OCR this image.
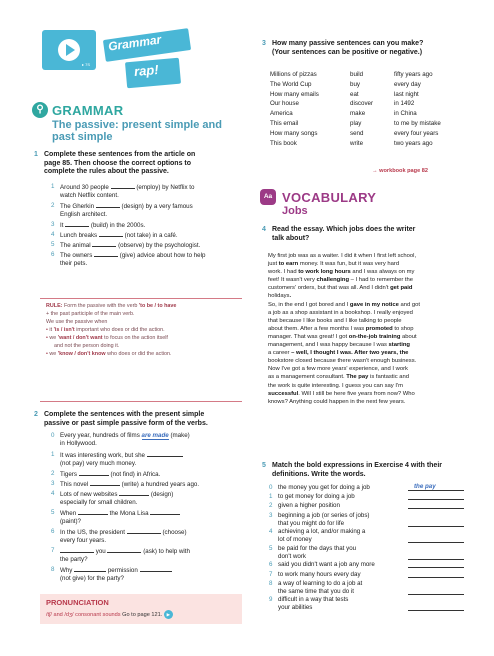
▸ 7S
Grammar
rap!
⚲ GRAMMAR
The passive: present simple and
past simple
1 Complete these sentences from the article on
page 85. Then choose the correct options to
complete the rules about the passive.
1 Around 30 people	(employ) by Netflix to
watch Netflix content.
2 The Gherkin	(design) by a very famous
English architect.
3 It	(build) in the 2000s.
4 Lunch breaks	(not take) in a café.
5 The animal	(observe) by the psychologist.
6 The owners	(give) advice about how to help
their pets.
RULE: Form the passive with the verb 'to be / to have
+ the past participle of the main verb.
We use the passive when
• it 'is / isn't important who does or did the action.
• we 'want / don't want to focus on the action itself
and not the person doing it.
• we 'know / don't know who does or did the action.
2 Complete the sentences with the present simple
passive or past simple passive form of the verbs.
0 Every year, hundreds of films are made (make)
in Hollywood.
1 It was interesting work, but she
(not pay) very much money.
2 Tigers	(not find) in Africa.
3 This novel	(write) a hundred years ago.
4 Lots of new websites	(design)
especially for small children.
5 When	the Mona Lisa
(paint)?
6 In the US, the president	(choose)
every four years.
7	you	(ask) to help with
the party?
8 Why	permission
(not give) for the party?
PRONUNCIATION
/tʃ/ and /dʒ/ consonant sounds Go to page 121. ▶
3 How many passive sentences can you make?
(Your sentences can be positive or negative.)
Millions of pizzas	build	fifty years ago
The World Cup	buy	every day
How many emails	eat	last night
Our house	discover	in 1492
America	make	in China
This email	play	to me by mistake
How many songs	send	every four years
This book	write	two years ago
→ workbook page 82
Aa VOCABULARY
Jobs
4 Read the essay. Which jobs does the writer
talk about?

My first job was as a waiter. I did it when I first left school,
just to earn money. It was fun, but it was very hard
work. I had to work long hours and I was always on my
feet! It wasn't very challenging – I had to remember the
customers' orders, but that was all. And I didn't get paid
holidays.

So, in the end I got bored and I gave in my notice and got
a job as a shop assistant in a bookshop. I really enjoyed
that because I like books and I like talking to people
about them. After a few months I was promoted to shop
manager. That was great! I got on-the-job training about
management, and I was happy because I was starting
a career – well, I thought I was. After two years, the
bookstore closed because there wasn't enough business.
Now I've got a few more years' experience, and I work
as a management consultant. The pay is fantastic and
the work is quite interesting. I guess you can say I'm
successful. Will I still be here five years from now? Who
knows? Anything could happen in the next few years.

5 Match the bold expressions in Exercise 4 with their
definitions. Write the words.
0 the money you get for doing a job	the pay
1 to get money for doing a job
2 given a higher position
3 beginning a job (or series of jobs)
that you might do for life
4 achieving a lot, and/or making a
lot of money
5 be paid for the days that you
don't work
6 said you didn't want a job any more
7 to work many hours every day
8 a way of learning to do a job at
the same time that you do it
9 difficult in a way that tests
your abilities
